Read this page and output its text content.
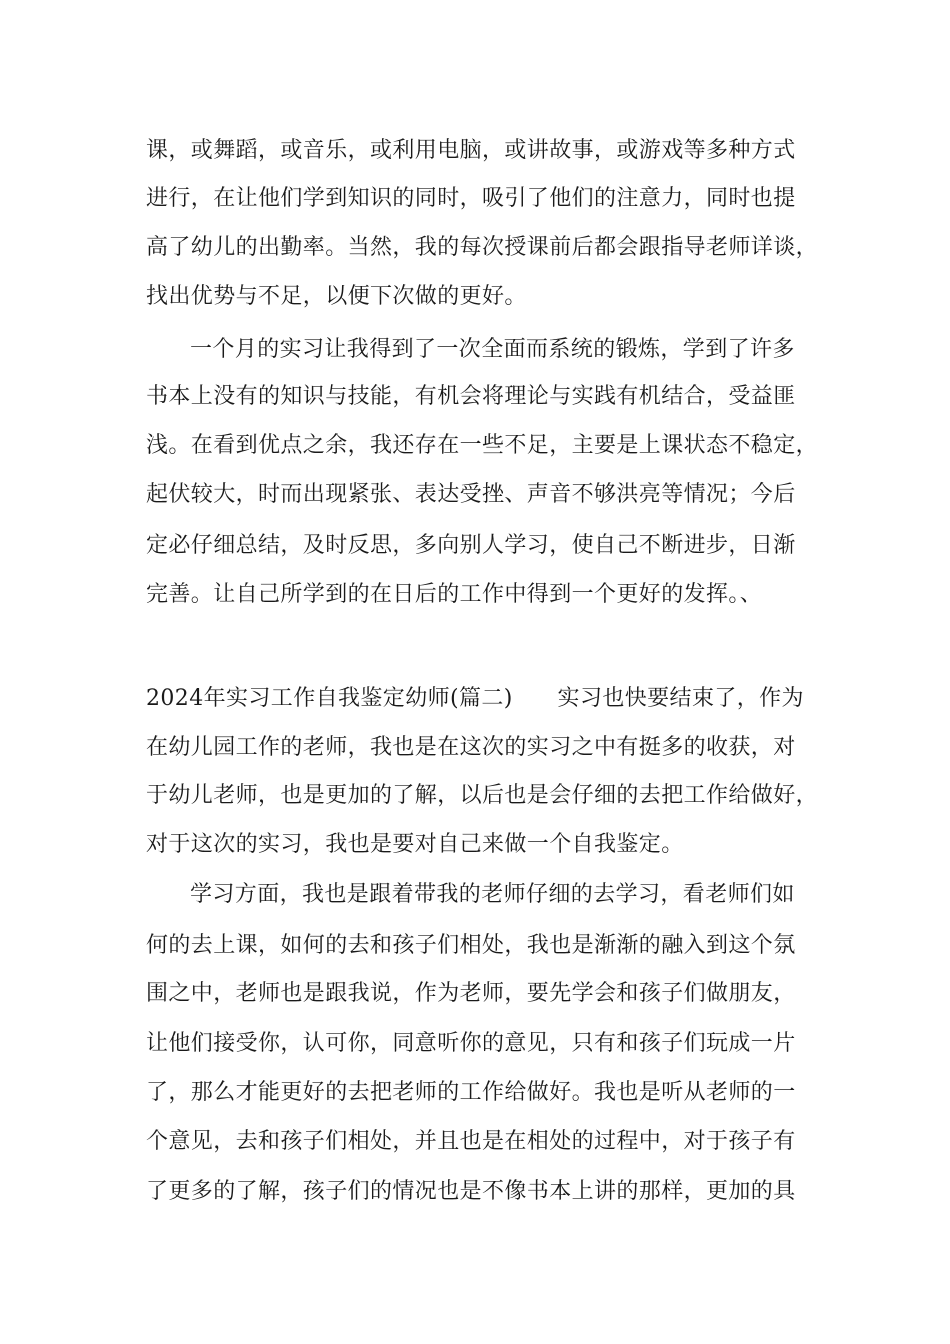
课，或舞蹈，或音乐，或利用电脑，或讲故事，或游戏等多种方式
进行，在让他们学到知识的同时，吸引了他们的注意力，同时也提
高了幼儿的出勤率。当然，我的每次授课前后都会跟指导老师详谈，
找出优势与不足，以便下次做的更好。
一个月的实习让我得到了一次全面而系统的锻炼，学到了许多
书本上没有的知识与技能，有机会将理论与实践有机结合，受益匪
浅。在看到优点之余，我还存在一些不足，主要是上课状态不稳定，
起伏较大，时而出现紧张、表达受挫、声音不够洪亮等情况；今后
定必仔细总结，及时反思，多向别人学习，使自己不断进步，日渐
完善。让自己所学到的在日后的工作中得到一个更好的发挥。、
2024年实习工作自我鉴定幼师(篇二)　　实习也快要结束了，作为
在幼儿园工作的老师，我也是在这次的实习之中有挺多的收获，对
于幼儿老师，也是更加的了解，以后也是会仔细的去把工作给做好，
对于这次的实习，我也是要对自己来做一个自我鉴定。
学习方面，我也是跟着带我的老师仔细的去学习，看老师们如
何的去上课，如何的去和孩子们相处，我也是渐渐的融入到这个氛
围之中，老师也是跟我说，作为老师，要先学会和孩子们做朋友，
让他们接受你，认可你，同意听你的意见，只有和孩子们玩成一片
了，那么才能更好的去把老师的工作给做好。我也是听从老师的一
个意见，去和孩子们相处，并且也是在相处的过程中，对于孩子有
了更多的了解，孩子们的情况也是不像书本上讲的那样，更加的具
